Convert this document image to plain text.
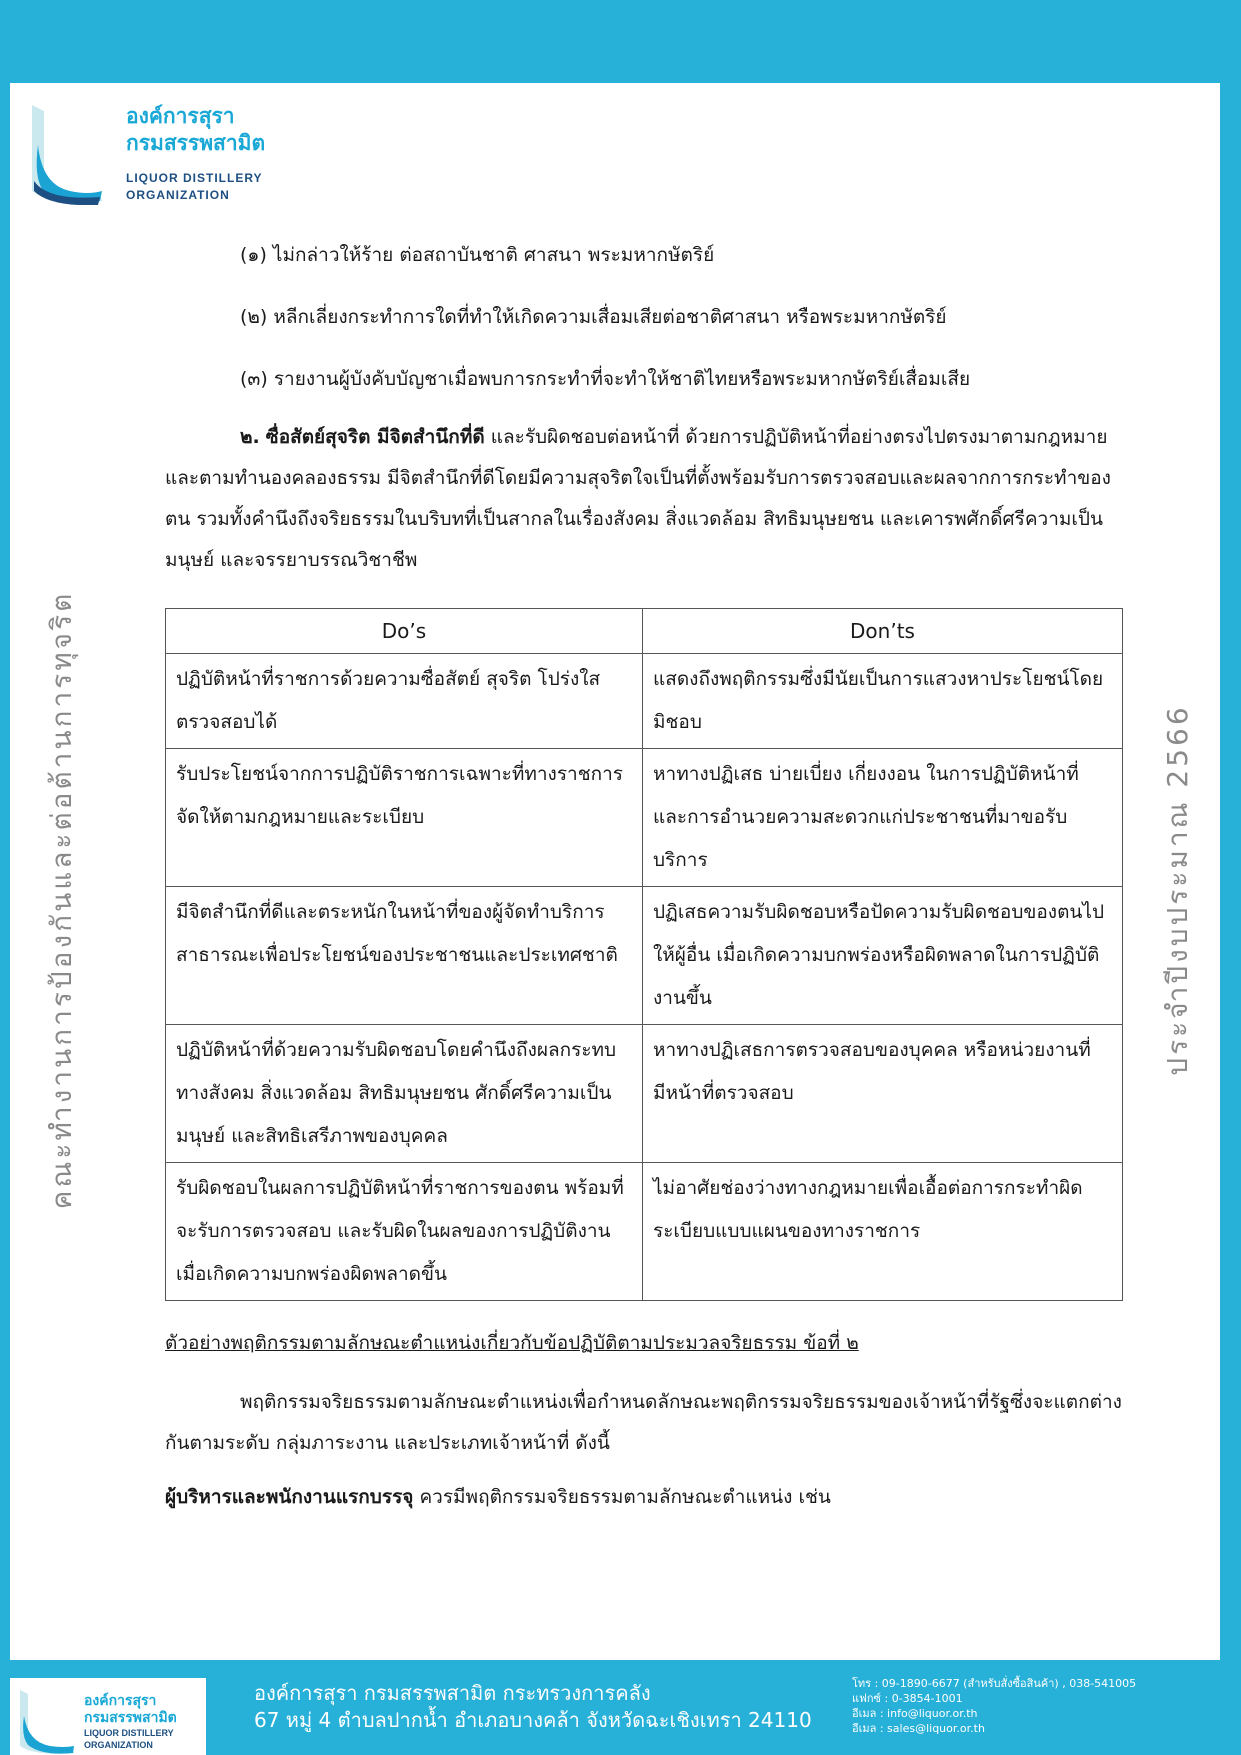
องค์การสุรา
กรมสรรพสามิต
LIQUOR DISTILLERY
ORGANIZATION
คณะทำงานการป้องกันและต่อต้านการทุจริต	ประจำปีงบประมาณ 2566
(๑) ไม่กล่าวให้ร้าย ต่อสถาบันชาติ ศาสนา พระมหากษัตริย์
(๒) หลีกเลี่ยงกระทำการใดที่ทำให้เกิดความเสื่อมเสียต่อชาติศาสนา หรือพระมหากษัตริย์
(๓) รายงานผู้บังคับบัญชาเมื่อพบการกระทำที่จะทำให้ชาติไทยหรือพระมหากษัตริย์เสื่อมเสีย
๒. ซื่อสัตย์สุจริต มีจิตสำนึกที่ดี และรับผิดชอบต่อหน้าที่ ด้วยการปฏิบัติหน้าที่อย่างตรงไปตรงมาตามกฎหมายและตามทำนองคลองธรรม มีจิตสำนึกที่ดีโดยมีความสุจริตใจเป็นที่ตั้งพร้อมรับการตรวจสอบและผลจากการกระทำของตน รวมทั้งคำนึงถึงจริยธรรมในบริบทที่เป็นสากลในเรื่องสังคม สิ่งแวดล้อม สิทธิมนุษยชน และเคารพศักดิ์ศรีความเป็นมนุษย์ และจรรยาบรรณวิชาชีพ
Do’s	Don’ts
ปฏิบัติหน้าที่ราชการด้วยความซื่อสัตย์ สุจริต โปร่งใส ตรวจสอบได้	แสดงถึงพฤติกรรมซึ่งมีนัยเป็นการแสวงหาประโยชน์โดยมิชอบ
รับประโยชน์จากการปฏิบัติราชการเฉพาะที่ทางราชการจัดให้ตามกฎหมายและระเบียบ	หาทางปฏิเสธ บ่ายเบี่ยง เกี่ยงงอน ในการปฏิบัติหน้าที่และการอำนวยความสะดวกแก่ประชาชนที่มาขอรับบริการ
มีจิตสำนึกที่ดีและตระหนักในหน้าที่ของผู้จัดทำบริการสาธารณะเพื่อประโยชน์ของประชาชนและประเทศชาติ	ปฏิเสธความรับผิดชอบหรือปัดความรับผิดชอบของตนไปให้ผู้อื่น เมื่อเกิดความบกพร่องหรือผิดพลาดในการปฏิบัติงานขึ้น
ปฏิบัติหน้าที่ด้วยความรับผิดชอบโดยคำนึงถึงผลกระทบทางสังคม สิ่งแวดล้อม สิทธิมนุษยชน ศักดิ์ศรีความเป็นมนุษย์ และสิทธิเสรีภาพของบุคคล	หาทางปฏิเสธการตรวจสอบของบุคคล หรือหน่วยงานที่มีหน้าที่ตรวจสอบ
รับผิดชอบในผลการปฏิบัติหน้าที่ราชการของตน พร้อมที่จะรับการตรวจสอบ และรับผิดในผลของการปฏิบัติงาน เมื่อเกิดความบกพร่องผิดพลาดขึ้น	ไม่อาศัยช่องว่างทางกฎหมายเพื่อเอื้อต่อการกระทำผิดระเบียบแบบแผนของทางราชการ
ตัวอย่างพฤติกรรมตามลักษณะตำแหน่งเกี่ยวกับข้อปฏิบัติตามประมวลจริยธรรม ข้อที่ ๒
พฤติกรรมจริยธรรมตามลักษณะตำแหน่งเพื่อกำหนดลักษณะพฤติกรรมจริยธรรมของเจ้าหน้าที่รัฐซึ่งจะแตกต่างกันตามระดับ กลุ่มภาระงาน และประเภทเจ้าหน้าที่ ดังนี้
ผู้บริหารและพนักงานแรกบรรจุ ควรมีพฤติกรรมจริยธรรมตามลักษณะตำแหน่ง เช่น
องค์การสุรา
กรมสรรพสามิต
LIQUOR DISTILLERY
ORGANIZATION
องค์การสุรา กรมสรรพสามิต กระทรวงการคลัง
67 หมู่ 4 ตำบลปากน้ำ อำเภอบางคล้า จังหวัดฉะเชิงเทรา 24110
โทร : 09-1890-6677 (สำหรับสั่งซื้อสินค้า) , 038-541005
แฟกซ์ : 0-3854-1001
อีเมล : info@liquor.or.th
อีเมล : sales@liquor.or.th
